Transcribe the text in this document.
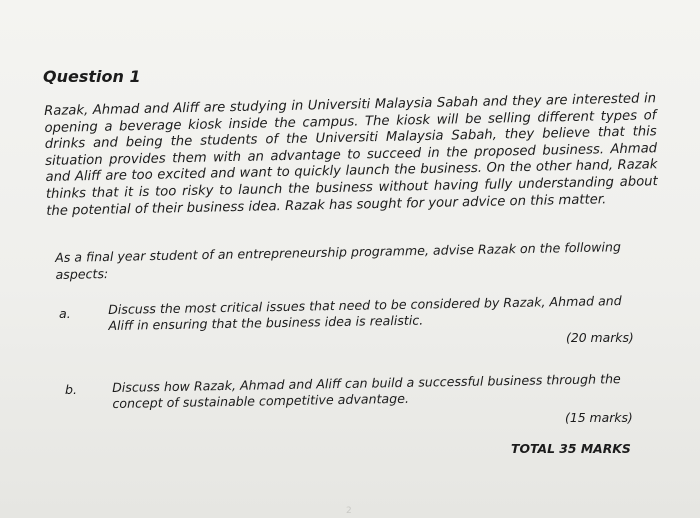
Question 1
Razak, Ahmad and Aliff are studying in Universiti Malaysia Sabah and they are interested in opening a beverage kiosk inside the campus. The kiosk will be selling different types of drinks and being the students of the Universiti Malaysia Sabah, they believe that this situation provides them with an advantage to succeed in the proposed business. Ahmad and Aliff are too excited and want to quickly launch the business. On the other hand, Razak thinks that it is too risky to launch the business without having fully understanding about the potential of their business idea. Razak has sought for your advice on this matter.
As a final year student of an entrepreneurship programme, advise Razak on the following aspects:
a.	Discuss the most critical issues that need to be considered by Razak, Ahmad and Aliff in ensuring that the business idea is realistic.
(20 marks)
b.	Discuss how Razak, Ahmad and Aliff can build a successful business through the concept of sustainable competitive advantage.
(15 marks)
TOTAL 35 MARKS
2
